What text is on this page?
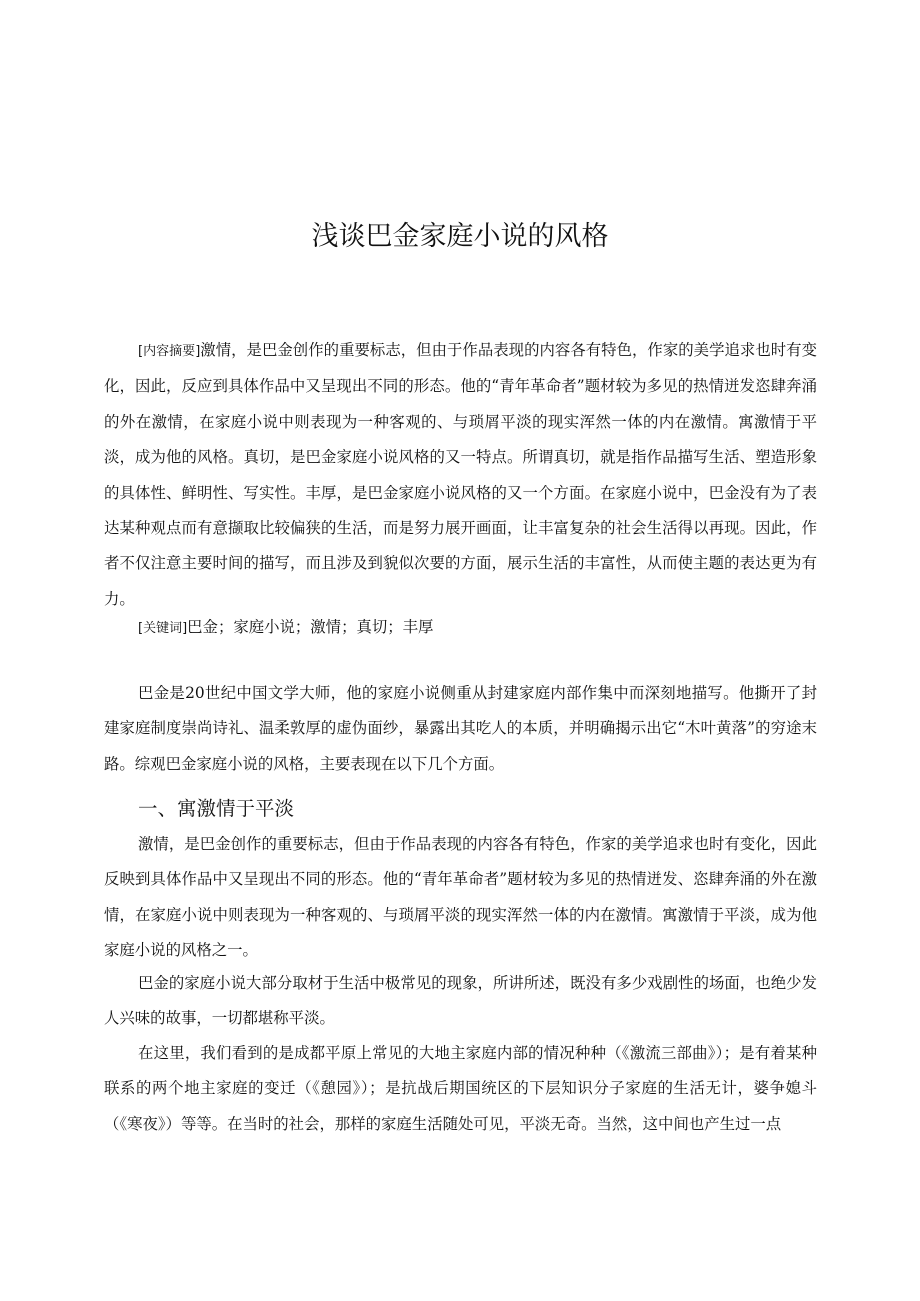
浅谈巴金家庭小说的风格

[内容摘要]激情，是巴金创作的重要标志，但由于作品表现的内容各有特色，作家的美学追求也时有变化，因此，反应到具体作品中又呈现出不同的形态。他的“青年革命者”题材较为多见的热情迸发恣肆奔涌的外在激情，在家庭小说中则表现为一种客观的、与琐屑平淡的现实浑然一体的内在激情。寓激情于平淡，成为他的风格。真切，是巴金家庭小说风格的又一特点。所谓真切，就是指作品描写生活、塑造形象的具体性、鲜明性、写实性。丰厚，是巴金家庭小说风格的又一个方面。在家庭小说中，巴金没有为了表达某种观点而有意撷取比较偏狭的生活，而是努力展开画面，让丰富复杂的社会生活得以再现。因此，作者不仅注意主要时间的描写，而且涉及到貌似次要的方面，展示生活的丰富性，从而使主题的表达更为有力。

[关键词]巴金；家庭小说；激情；真切；丰厚

巴金是20世纪中国文学大师，他的家庭小说侧重从封建家庭内部作集中而深刻地描写。他撕开了封建家庭制度崇尚诗礼、温柔敦厚的虚伪面纱，暴露出其吃人的本质，并明确揭示出它“木叶黄落”的穷途末路。综观巴金家庭小说的风格，主要表现在以下几个方面。

一、寓激情于平淡

激情，是巴金创作的重要标志，但由于作品表现的内容各有特色，作家的美学追求也时有变化，因此反映到具体作品中又呈现出不同的形态。他的“青年革命者”题材较为多见的热情迸发、恣肆奔涌的外在激情，在家庭小说中则表现为一种客观的、与琐屑平淡的现实浑然一体的内在激情。寓激情于平淡，成为他家庭小说的风格之一。

巴金的家庭小说大部分取材于生活中极常见的现象，所讲所述，既没有多少戏剧性的场面，也绝少发人兴味的故事，一切都堪称平淡。

在这里，我们看到的是成都平原上常见的大地主家庭内部的情况种种（《激流三部曲》）；是有着某种联系的两个地主家庭的变迁（《憩园》）；是抗战后期国统区的下层知识分子家庭的生活无计，婆争媳斗（《寒夜》）等等。在当时的社会，那样的家庭生活随处可见，平淡无奇。当然，这中间也产生过一点
